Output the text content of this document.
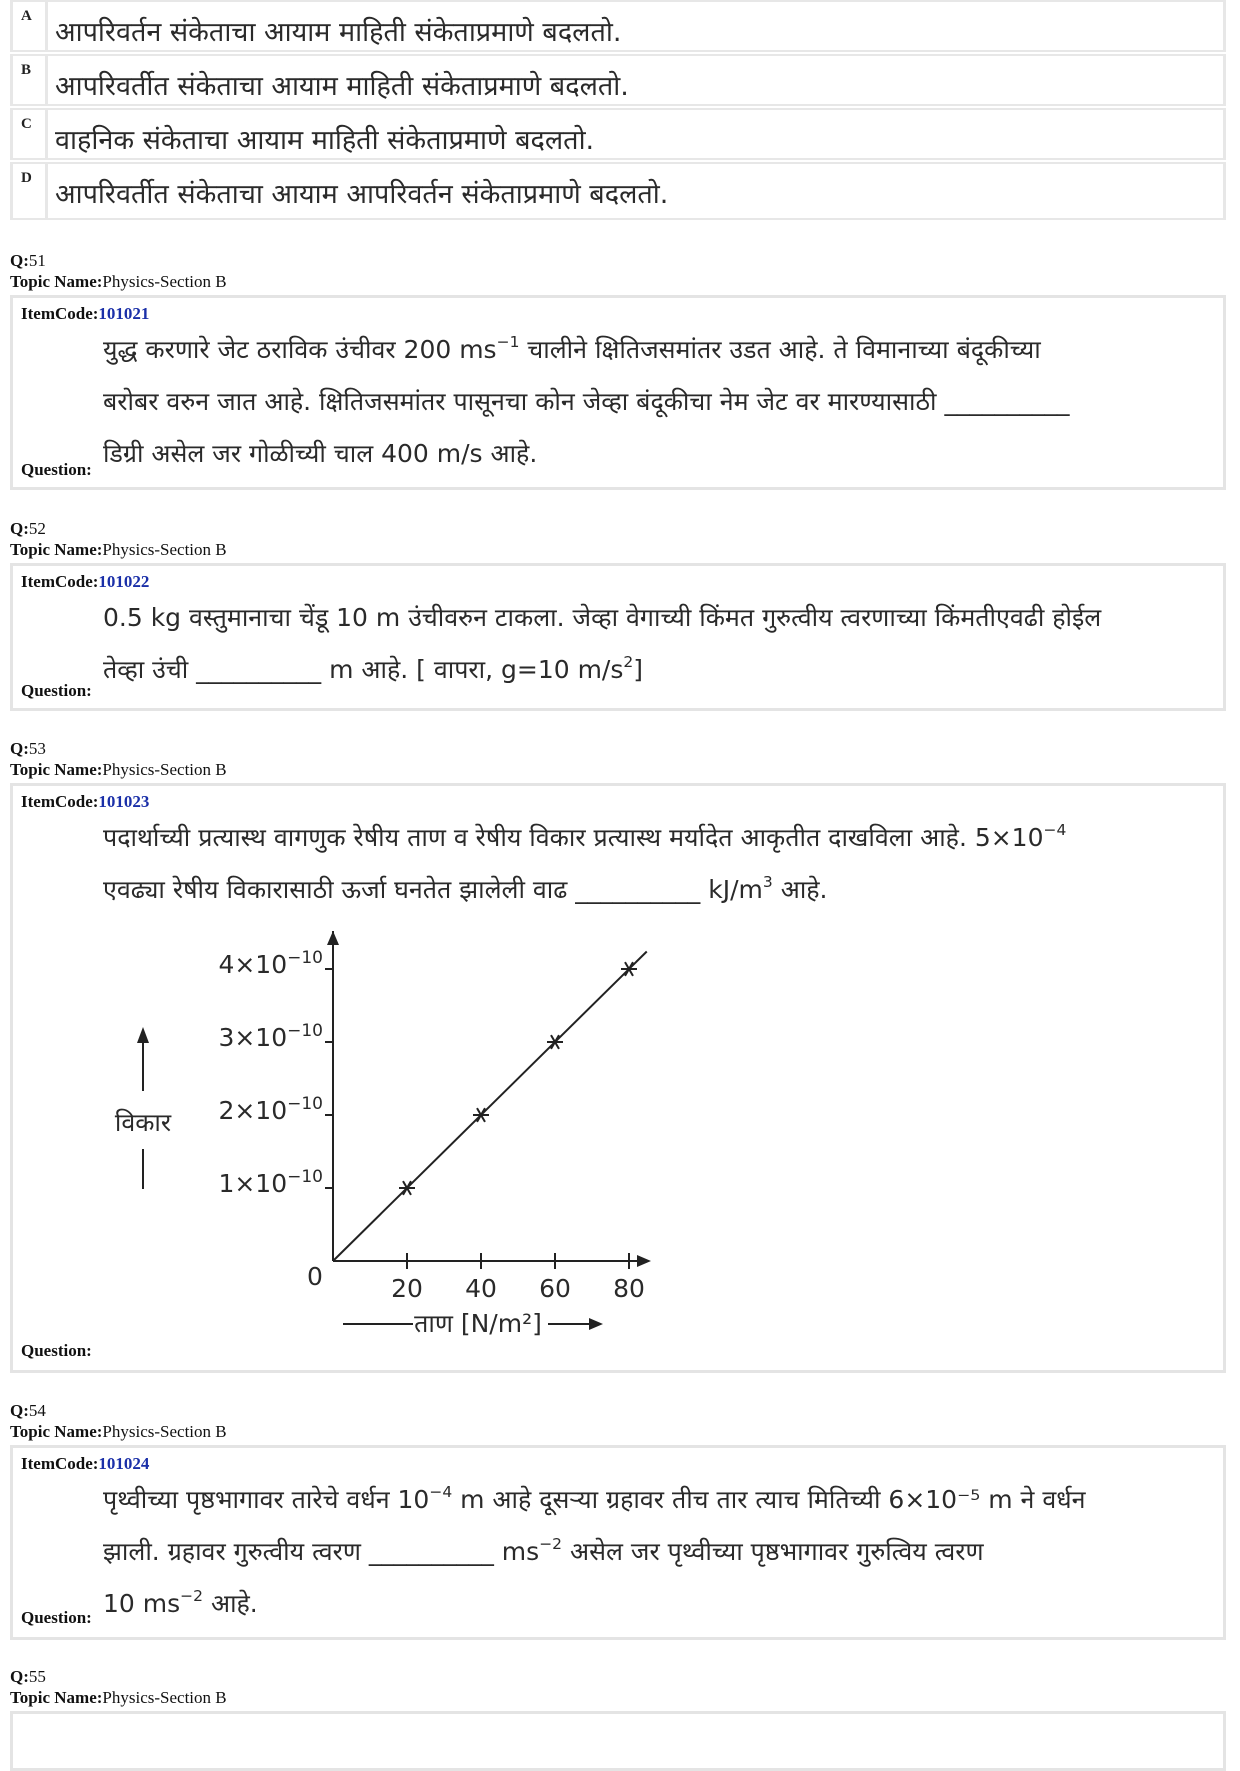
A
आपरिवर्तन संकेताचा आयाम माहिती संकेताप्रमाणे बदलतो.
B
आपरिवर्तीत संकेताचा आयाम माहिती संकेताप्रमाणे बदलतो.
C
वाहनिक संकेताचा आयाम माहिती संकेताप्रमाणे बदलतो.
D
आपरिवर्तीत संकेताचा आयाम आपरिवर्तन संकेताप्रमाणे बदलतो.
Q:51
Topic Name:Physics-Section B
ItemCode:101021
युद्ध करणारे जेट ठराविक उंचीवर 200 $ms^{-1}$ चालीने क्षितिजसमांतर उडत आहे. ते विमानाच्या बंदूकीच्या
बरोबर वरुन जात आहे. क्षितिजसमांतर पासूनचा कोन जेव्हा बंदूकीचा नेम जेट वर मारण्यासाठी __________
डिग्री असेल जर गोळीच्यी चाल 400 m/s आहे.
Question:
Q:52
Topic Name:Physics-Section B
ItemCode:101022
0.5 kg वस्तुमानाचा चेंडू 10 m उंचीवरुन टाकला. जेव्हा वेगाच्यी किंमत गुरुत्वीय त्वरणाच्या किंमतीएवढी होईल
तेव्हा उंची __________ m आहे. [ वापरा, g=10 $m/s^2$]
Question:
Q:53
Topic Name:Physics-Section B
ItemCode:101023
पदार्थाच्यी प्रत्यास्थ वागणुक रेषीय ताण व रेषीय विकार प्रत्यास्थ मर्यादेत आकृतीत दाखविला आहे. $5\times 10^{-4}$
एवढ्या रेषीय विकारासाठी ऊर्जा घनतेत झालेली वाढ __________ $kJ/m^3$ आहे.
0	20 40 60 80
$1\times 10^{-10}$
$2\times 10^{-10}$
$3\times 10^{-10}$
$4\times 10^{-10}$
विकार
ताण [N/m²]
Question:
Q:54
Topic Name:Physics-Section B
ItemCode:101024
पृथ्वीच्या पृष्ठभागावर तारेचे वर्धन $10^{-4}$ m आहे दूसऱ्या ग्रहावर तीच तार त्याच मितिच्यी 6×10⁻⁵ m ने वर्धन
झाली. ग्रहावर गुरुत्वीय त्वरण __________ $ms^{-2}$ असेल जर पृथ्वीच्या पृष्ठभागावर गुरुत्विय त्वरण
10 $ms^{-2}$ आहे.
Question:
Q:55
Topic Name:Physics-Section B
